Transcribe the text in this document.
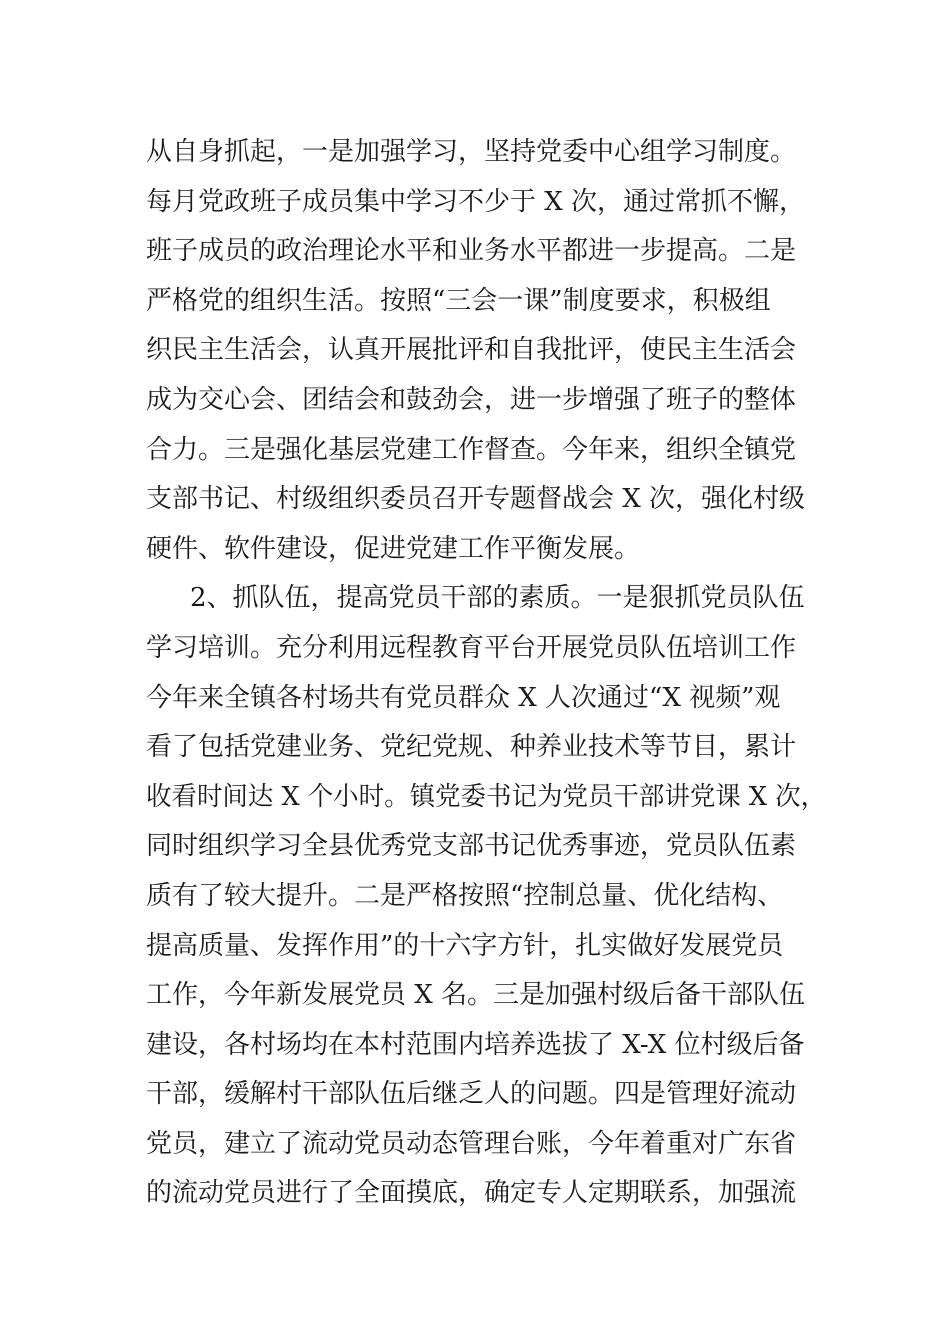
从自身抓起，一是加强学习，坚持党委中心组学习制度。
每月党政班子成员集中学习不少于 X 次，通过常抓不懈，
班子成员的政治理论水平和业务水平都进一步提高。二是
严格党的组织生活。按照“三会一课”制度要求，积极组
织民主生活会，认真开展批评和自我批评，使民主生活会
成为交心会、团结会和鼓劲会，进一步增强了班子的整体
合力。三是强化基层党建工作督查。今年来，组织全镇党
支部书记、村级组织委员召开专题督战会 X 次，强化村级
硬件、软件建设，促进党建工作平衡发展。
2、抓队伍，提高党员干部的素质。一是狠抓党员队伍
学习培训。充分利用远程教育平台开展党员队伍培训工作
今年来全镇各村场共有党员群众 X 人次通过“X 视频”观
看了包括党建业务、党纪党规、种养业技术等节目，累计
收看时间达 X 个小时。镇党委书记为党员干部讲党课 X 次，
同时组织学习全县优秀党支部书记优秀事迹，党员队伍素
质有了较大提升。二是严格按照“控制总量、优化结构、
提高质量、发挥作用”的十六字方针，扎实做好发展党员
工作，今年新发展党员 X 名。三是加强村级后备干部队伍
建设，各村场均在本村范围内培养选拔了 X-X 位村级后备
干部，缓解村干部队伍后继乏人的问题。四是管理好流动
党员，建立了流动党员动态管理台账，今年着重对广东省
的流动党员进行了全面摸底，确定专人定期联系，加强流
